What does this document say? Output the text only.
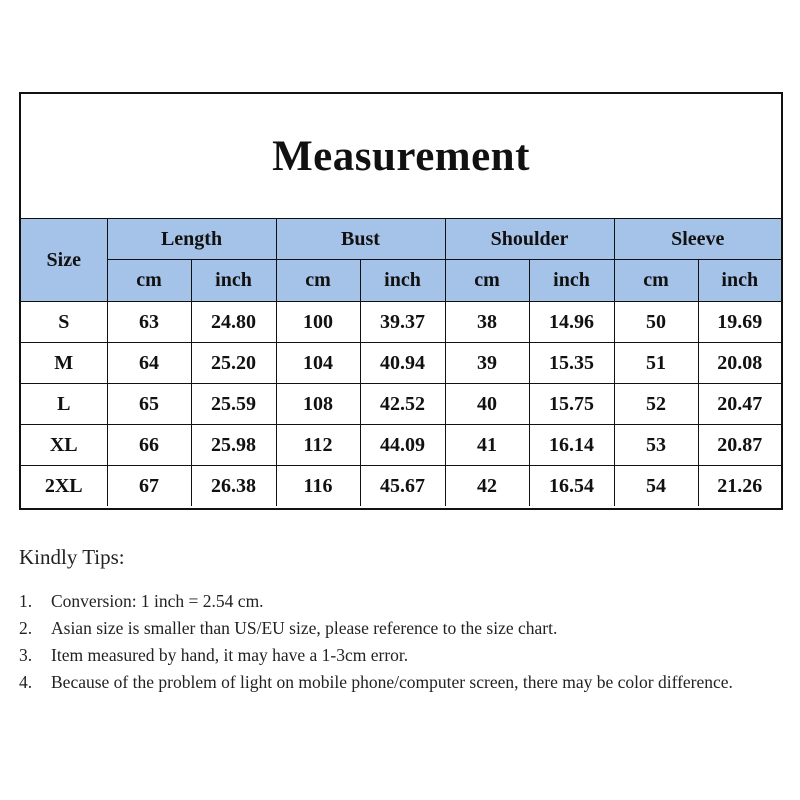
Measurement
Size	Length		Bust		Shoulder		Sleeve	
	cm	inch	cm	inch	cm	inch	cm	inch
S	63	24.80	100	39.37	38	14.96	50	19.69
M	64	25.20	104	40.94	39	15.35	51	20.08
L	65	25.59	108	42.52	40	15.75	52	20.47
XL	66	25.98	112	44.09	41	16.14	53	20.87
2XL	67	26.38	116	45.67	42	16.54	54	21.26
Kindly Tips:
1.	Conversion: 1 inch = 2.54 cm.
2.	Asian size is smaller than US/EU size, please reference to the size chart.
3.	Item measured by hand, it may have a 1-3cm error.
4.	Because of the problem of light on mobile phone/computer screen, there may be color difference.
